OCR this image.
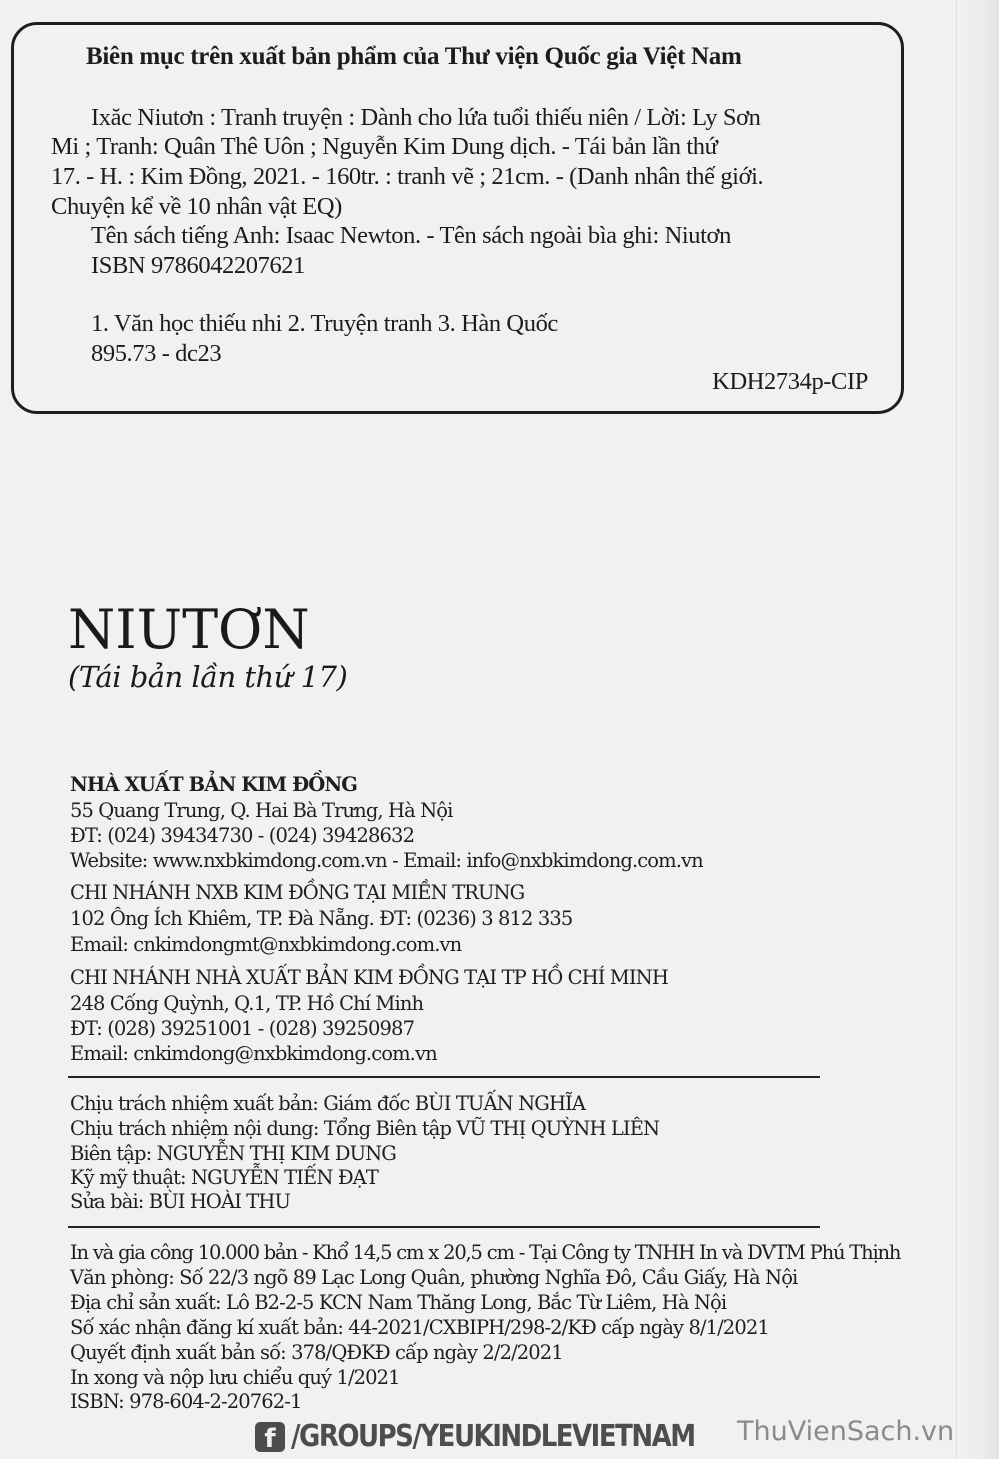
Biên mục trên xuất bản phẩm của Thư viện Quốc gia Việt Nam
Ixăc Niutơn : Tranh truyện : Dành cho lứa tuổi thiếu niên / Lời: Ly Sơn
Mi ; Tranh: Quân Thê Uôn ; Nguyễn Kim Dung dịch. - Tái bản lần thứ
17. - H. : Kim Đồng, 2021. - 160tr. : tranh vẽ ; 21cm. - (Danh nhân thế giới.
Chuyện kể về 10 nhân vật EQ)
Tên sách tiếng Anh: Isaac Newton. - Tên sách ngoài bìa ghi: Niutơn
ISBN 9786042207621
1. Văn học thiếu nhi 2. Truyện tranh 3. Hàn Quốc
895.73 - dc23
KDH2734p-CIP
NIUTƠN
(Tái bản lần thứ 17)
NHÀ XUẤT BẢN KIM ĐỒNG
55 Quang Trung, Q. Hai Bà Trưng, Hà Nội
ĐT: (024) 39434730 - (024) 39428632
Website: www.nxbkimdong.com.vn - Email: info@nxbkimdong.com.vn
CHI NHÁNH NXB KIM ĐỒNG TẠI MIỀN TRUNG
102 Ông Ích Khiêm, TP. Đà Nẵng. ĐT: (0236) 3 812 335
Email: cnkimdongmt@nxbkimdong.com.vn
CHI NHÁNH NHÀ XUẤT BẢN KIM ĐỒNG TẠI TP HỒ CHÍ MINH
248 Cống Quỳnh, Q.1, TP. Hồ Chí Minh
ĐT: (028) 39251001 - (028) 39250987
Email: cnkimdong@nxbkimdong.com.vn
Chịu trách nhiệm xuất bản: Giám đốc BÙI TUẤN NGHĨA
Chịu trách nhiệm nội dung: Tổng Biên tập VŨ THỊ QUỲNH LIÊN
Biên tập: NGUYỄN THỊ KIM DUNG
Kỹ mỹ thuật: NGUYỄN TIẾN ĐẠT
Sửa bài: BÙI HOÀI THU
In và gia công 10.000 bản - Khổ 14,5 cm x 20,5 cm - Tại Công ty TNHH In và DVTM Phú Thịnh
Văn phòng: Số 22/3 ngõ 89 Lạc Long Quân, phường Nghĩa Đô, Cầu Giấy, Hà Nội
Địa chỉ sản xuất: Lô B2-2-5 KCN Nam Thăng Long, Bắc Từ Liêm, Hà Nội
Số xác nhận đăng kí xuất bản: 44-2021/CXBIPH/298-2/KĐ cấp ngày 8/1/2021
Quyết định xuất bản số: 378/QĐKĐ cấp ngày 2/2/2021
In xong và nộp lưu chiểu quý 1/2021
ISBN: 978-604-2-20762-1
f /GROUPS/YEUKINDLEVIETNAM ThuVienSach.vn
